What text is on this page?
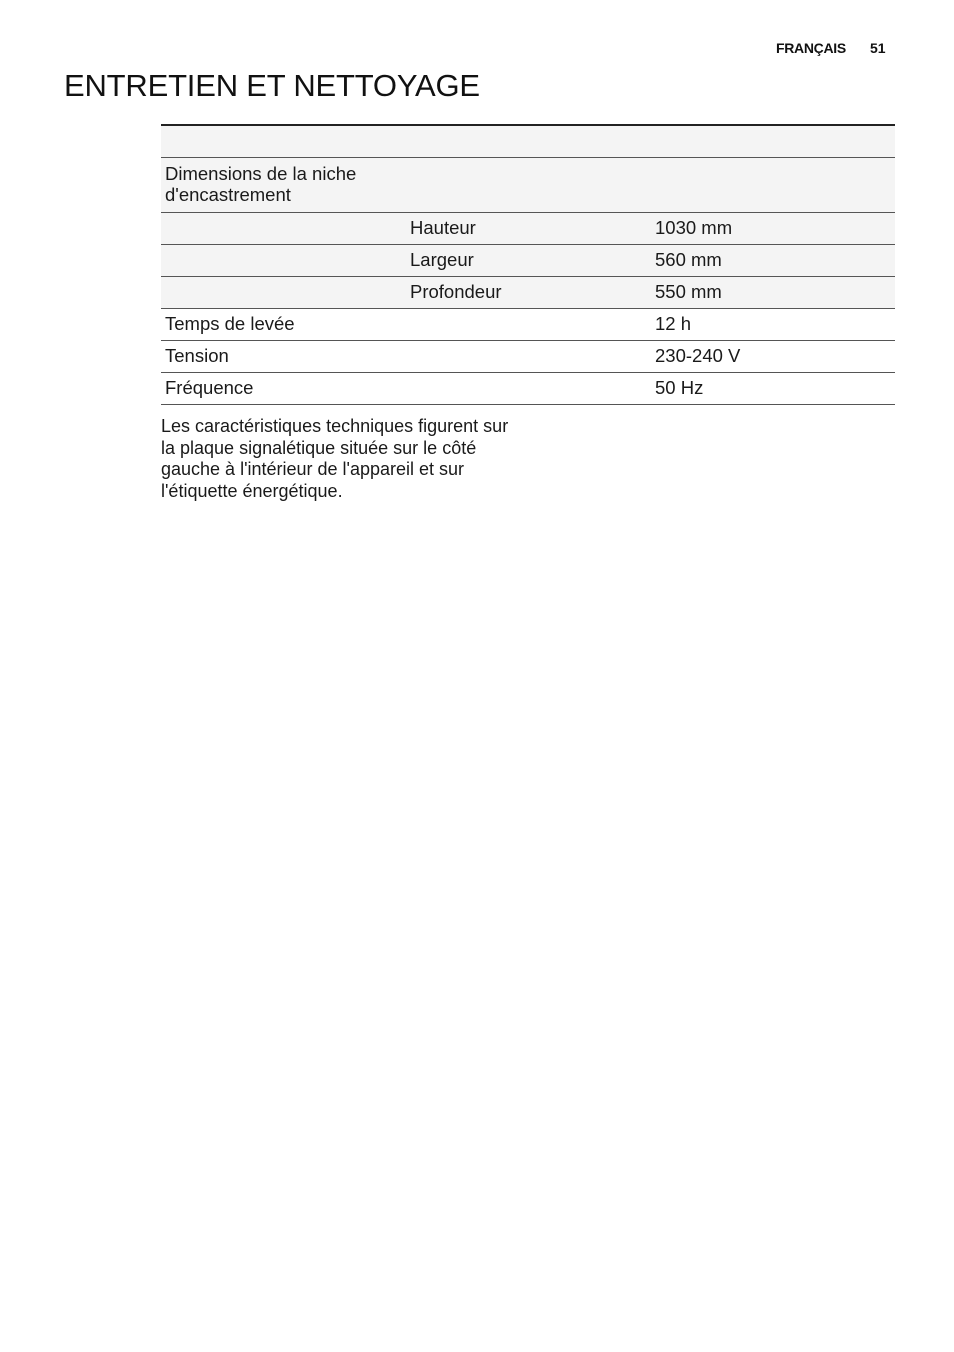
FRANÇAIS 51
ENTRETIEN ET NETTOYAGE

Dimensions de la niche d'encastrement		
	Hauteur	1030 mm
	Largeur	560 mm
	Profondeur	550 mm
Temps de levée		12 h
Tension		230-240 V
Fréquence		50 Hz

Les caractéristiques techniques figurent sur la plaque signalétique située sur le côté gauche à l'intérieur de l'appareil et sur l'étiquette énergétique.
